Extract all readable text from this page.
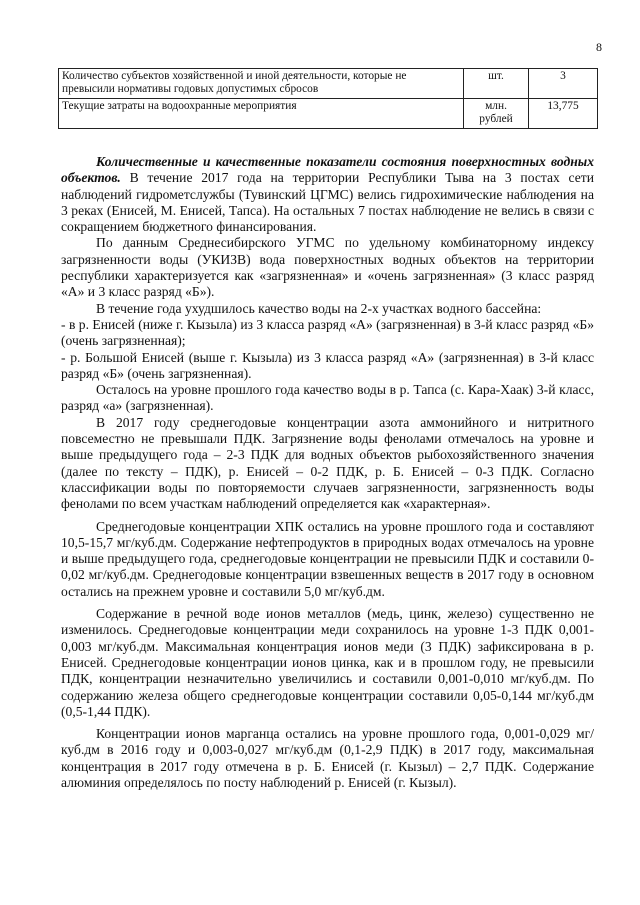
8
Количество субъектов хозяйственной и иной деятельности, которые не превысили нормативы годовых допустимых сбросов	шт.	3
Текущие затраты на водоохранные мероприятия	млн. рублей	13,775

Количественные и качественные показатели состояния поверхностных водных объектов. В течение 2017 года на территории Республики Тыва на 3 постах сети наблюдений гидрометслужбы (Тувинский ЦГМС) велись гидрохимические наблюдения на 3 реках (Енисей, М. Енисей, Тапса). На остальных 7 постах наблюдение не велись в связи с сокращением бюджетного финансирования.

По данным Среднесибирского УГМС по удельному комбинаторному индексу загрязненности воды (УКИЗВ) вода поверхностных водных объектов на территории республики характеризуется как «загрязненная» и «очень загрязненная» (3 класс разряд «А» и 3 класс разряд «Б»).

В течение года ухудшилось качество воды на 2-х участках водного бассейна:

- в р. Енисей (ниже г. Кызыла) из 3 класса разряд «А» (загрязненная) в 3-й класс разряд «Б» (очень загрязненная);

- р. Большой Енисей (выше г. Кызыла) из 3 класса разряд «А» (загрязненная) в 3-й класс разряд «Б» (очень загрязненная).

Осталось на уровне прошлого года качество воды в р. Тапса (с. Кара-Хаак) 3-й класс, разряд «а» (загрязненная).

В 2017 году среднегодовые концентрации азота аммонийного и нитритного повсеместно не превышали ПДК. Загрязнение воды фенолами отмечалось на уровне и выше предыдущего года – 2-3 ПДК для водных объектов рыбохозяйственного значения (далее по тексту – ПДК), р. Енисей – 0-2 ПДК, р. Б. Енисей – 0-3 ПДК. Согласно классификации воды по повторяемости случаев загрязненности, загрязненность воды фенолами по всем участкам наблюдений определяется как «характерная».

Среднегодовые концентрации ХПК остались на уровне прошлого года и составляют 10,5-15,7 мг/куб.дм. Содержание нефтепродуктов в природных водах отмечалось на уровне и выше предыдущего года, среднегодовые концентрации не превысили ПДК и составили 0-0,02 мг/куб.дм. Среднегодовые концентрации взвешенных веществ в 2017 году в основном остались на прежнем уровне и составили 5,0 мг/куб.дм.

Содержание в речной воде ионов металлов (медь, цинк, железо) существенно не изменилось. Среднегодовые концентрации меди сохранилось на уровне 1-3 ПДК 0,001-0,003 мг/куб.дм. Максимальная концентрация ионов меди (3 ПДК) зафиксирована в р. Енисей. Среднегодовые концентрации ионов цинка, как и в прошлом году, не превысили ПДК, концентрации незначительно увеличились и составили 0,001-0,010 мг/куб.дм. По содержанию железа общего среднегодовые концентрации составили 0,05-0,144 мг/куб.дм (0,5-1,44 ПДК).

Концентрации ионов марганца остались на уровне прошлого года, 0,001-0,029 мг/куб.дм в 2016 году и 0,003-0,027 мг/куб.дм (0,1-2,9 ПДК) в 2017 году, максимальная концентрация в 2017 году отмечена в р. Б. Енисей (г. Кызыл) – 2,7 ПДК. Содержание алюминия определялось по посту наблюдений р. Енисей (г. Кызыл).
